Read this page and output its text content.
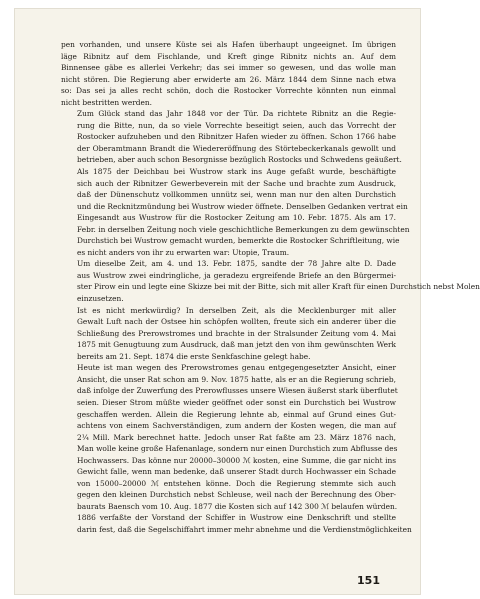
pen vorhanden, und unsere Küste sei als Hafen überhaupt ungeeignet. Im übrigen
läge Ribnitz auf dem Fischlande, und Kreft ginge Ribnitz nichts an. Auf dem
Binnensee gäbe es allerlei Verkehr; das sei immer so gewesen, und das wolle man
nicht stören. Die Regierung aber erwiderte am 26. März 1844 dem Sinne nach etwa
so: Das sei ja alles recht schön, doch die Rostocker Vorrechte könnten nun einmal
nicht bestritten werden.

Zum Glück stand das Jahr 1848 vor der Tür. Da richtete Ribnitz an die Regie-
rung die Bitte, nun, da so viele Vorrechte beseitigt seien, auch das Vorrecht der
Rostocker aufzuheben und den Ribnitzer Hafen wieder zu öffnen. Schon 1766 habe
der Oberamtmann Brandt die Wiedereröffnung des Störtebeckerkanals gewollt und
betrieben, aber auch schon Besorgnisse bezüglich Rostocks und Schwedens geäußert.

Als 1875 der Deichbau bei Wustrow stark ins Auge gefaßt wurde, beschäftigte
sich auch der Ribnitzer Gewerbeverein mit der Sache und brachte zum Ausdruck,
daß der Dünenschutz vollkommen unnütz sei, wenn man nur den alten Durchstich
und die Recknitzmündung bei Wustrow wieder öffnete. Denselben Gedanken vertrat ein
Eingesandt aus Wustrow für die Rostocker Zeitung am 10. Febr. 1875. Als am 17.
Febr. in derselben Zeitung noch viele geschichtliche Bemerkungen zu dem gewünschten
Durchstich bei Wustrow gemacht wurden, bemerkte die Rostocker Schriftleitung, wie
es nicht anders von ihr zu erwarten war: Utopie, Traum.

Um dieselbe Zeit, am 4. und 13. Febr. 1875, sandte der 78 Jahre alte D. Dade
aus Wustrow zwei eindringliche, ja geradezu ergreifende Briefe an den Bürgermei-
ster Pirow ein und legte eine Skizze bei mit der Bitte, sich mit aller Kraft für einen Durchstich nebst Molen
einzusetzen.

Ist es nicht merkwürdig? In derselben Zeit, als die Mecklenburger mit aller
Gewalt Luft nach der Ostsee hin schöpfen wollten, freute sich ein anderer über die
Schließung des Prerowstromes und brachte in der Stralsunder Zeitung vom 4. Mai
1875 mit Genugtuung zum Ausdruck, daß man jetzt den von ihm gewünschten Werk
bereits am 21. Sept. 1874 die erste Senkfaschine gelegt habe.

Heute ist man wegen des Prerowstromes genau entgegengesetzter Ansicht, einer
Ansicht, die unser Rat schon am 9. Nov. 1875 hatte, als er an die Regierung schrieb,
daß infolge der Zuwerfung des Prerowflusses unsere Wiesen äußerst stark überflutet
seien. Dieser Strom müßte wieder geöffnet oder sonst ein Durchstich bei Wustrow
geschaffen werden. Allein die Regierung lehnte ab, einmal auf Grund eines Gut-
achtens von einem Sachverständigen, zum andern der Kosten wegen, die man auf
2¼ Mill. Mark berechnet hatte. Jedoch unser Rat faßte am 23. März 1876 nach,
Man wolle keine große Hafenanlage, sondern nur einen Durchstich zum Abflusse des
Hochwassers. Das könne nur 20000–30000 ℳ kosten, eine Summe, die gar nicht ins
Gewicht falle, wenn man bedenke, daß unserer Stadt durch Hochwasser ein Schade
von 15000–20000 ℳ entstehen könne. Doch die Regierung stemmte sich auch
gegen den kleinen Durchstich nebst Schleuse, weil nach der Berechnung des Ober-
baurats Baensch vom 10. Aug. 1877 die Kosten sich auf 142 300 ℳ belaufen würden.

1886 verfaßte der Vorstand der Schiffer in Wustrow eine Denkschrift und stellte
darin fest, daß die Segelschiffahrt immer mehr abnehme und die Verdienstmöglichkeiten

151
